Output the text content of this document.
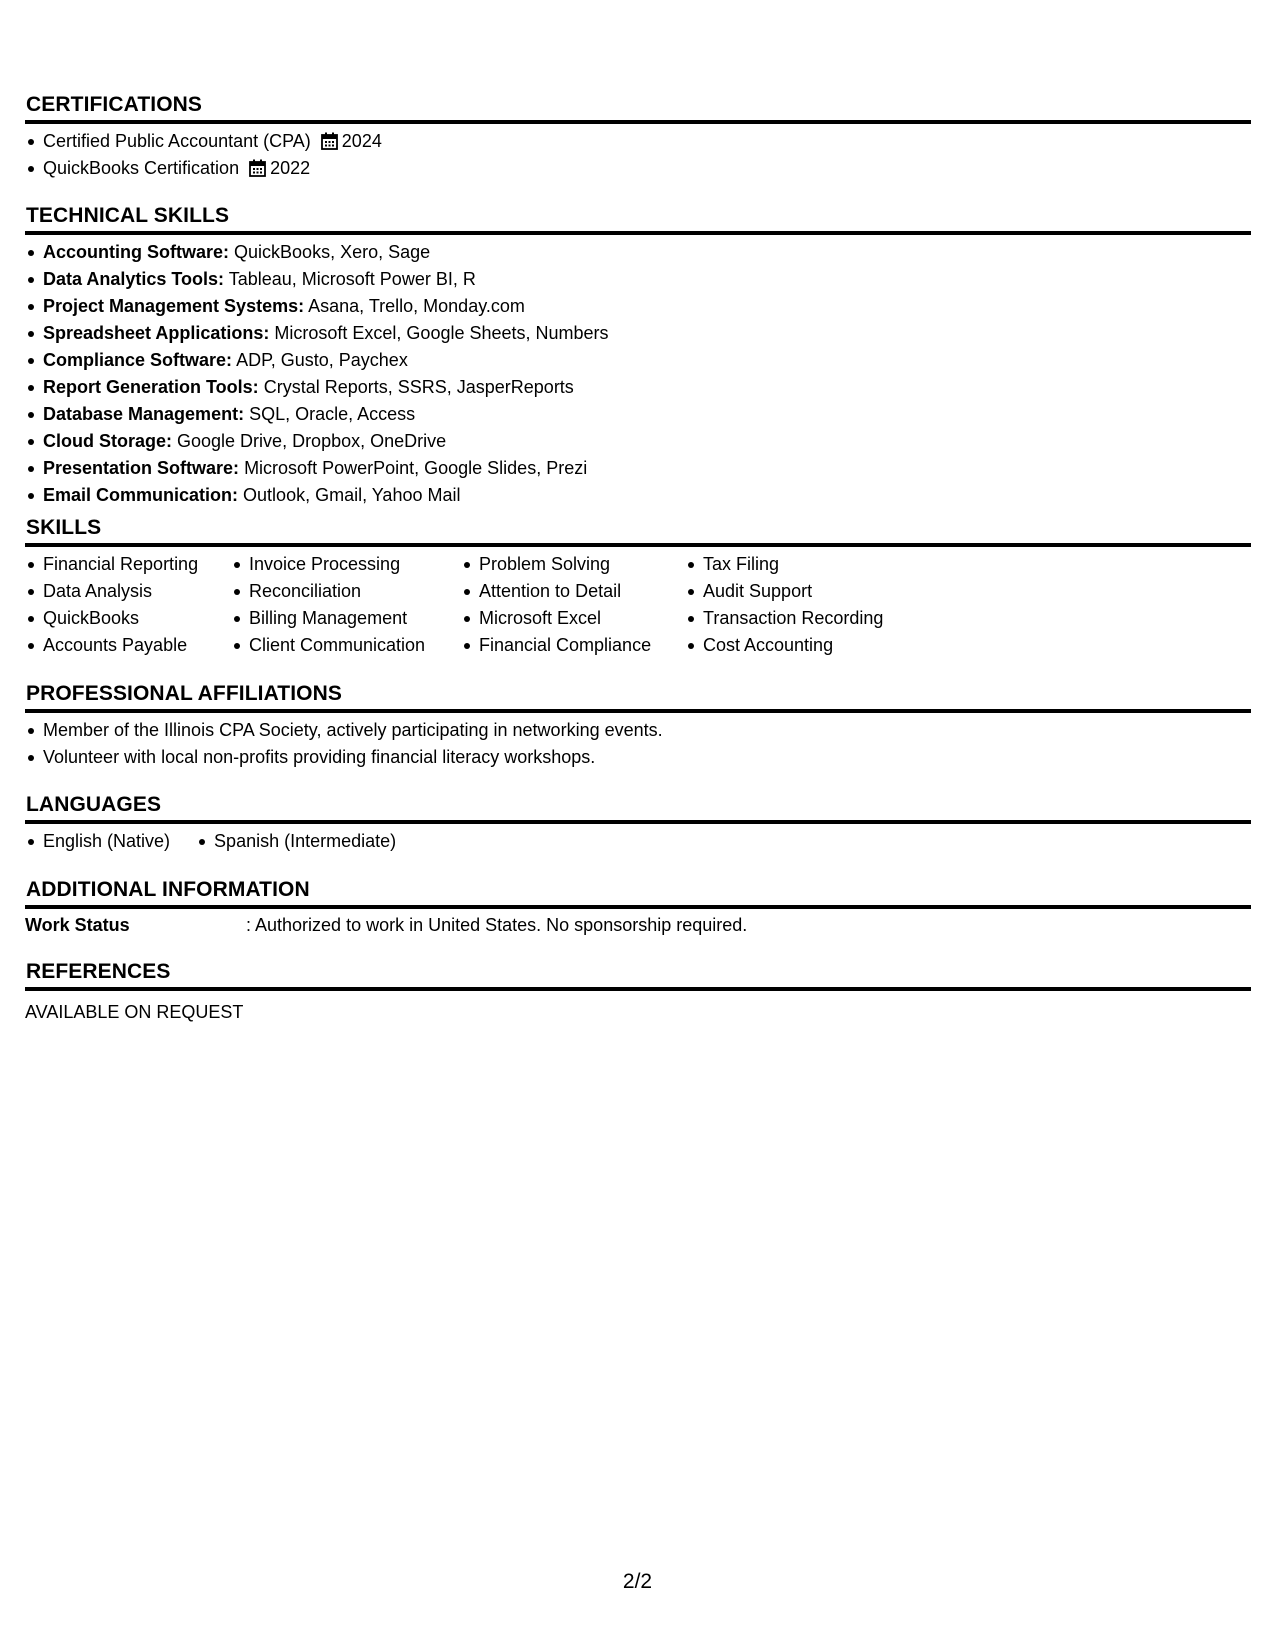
CERTIFICATIONS
Certified Public Accountant (CPA) 2024
QuickBooks Certification 2022
TECHNICAL SKILLS
Accounting Software: QuickBooks, Xero, Sage
Data Analytics Tools: Tableau, Microsoft Power BI, R
Project Management Systems: Asana, Trello, Monday.com
Spreadsheet Applications: Microsoft Excel, Google Sheets, Numbers
Compliance Software: ADP, Gusto, Paychex
Report Generation Tools: Crystal Reports, SSRS, JasperReports
Database Management: SQL, Oracle, Access
Cloud Storage: Google Drive, Dropbox, OneDrive
Presentation Software: Microsoft PowerPoint, Google Slides, Prezi
Email Communication: Outlook, Gmail, Yahoo Mail
SKILLS
Financial Reporting
Data Analysis
QuickBooks
Accounts Payable
Invoice Processing
Reconciliation
Billing Management
Client Communication
Problem Solving
Attention to Detail
Microsoft Excel
Financial Compliance
Tax Filing
Audit Support
Transaction Recording
Cost Accounting
PROFESSIONAL AFFILIATIONS
Member of the Illinois CPA Society, actively participating in networking events.
Volunteer with local non-profits providing financial literacy workshops.
LANGUAGES
English (Native)	Spanish (Intermediate)
ADDITIONAL INFORMATION
Work Status	: Authorized to work in United States. No sponsorship required.
REFERENCES
AVAILABLE ON REQUEST
2/2
